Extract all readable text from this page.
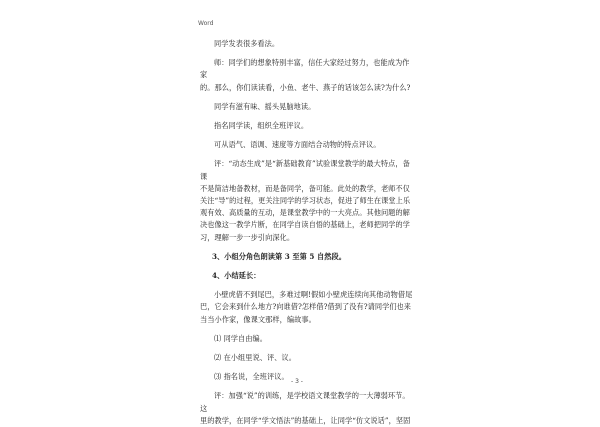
Word

同学发表很多看法。

师：同学们的想象特别丰富，信任大家经过努力，也能成为作家
的。那么，你们读读看，小鱼、老牛、燕子的话该怎么读?为什么?

同学有滋有味、摇头晃脑地读。

指名同学读，组织全班评议。

可从语气、语调、速度等方面结合动物的特点评议。

评：“动态生成”是“新基础教育”试验课堂教学的最大特点，备课
不是简洁地备教材，而是备同学，备可能。此处的教学，老师不仅
关注“导”的过程，更关注同学的学习状态，促进了师生在课堂上乐
观有效、高质量的互动，是课堂教学中的一大亮点。其他问题的解
决也像这一教学片断，在同学自读自悟的基础上，老师把同学的学
习，理解一步一步引向深化。

3、小组分角色朗读第 3 至第 5 自然段。

4、小结延长：

小壁虎借不到尾巴，多难过啊!假如小壁虎连续向其他动物借尾
巴，它会来到什么地方?向谁借?怎样借?借到了没有?请同学们也来
当当小作家，像课文那样，编故事。

⑴ 同学自由编。

⑵ 在小组里说、评、议。

⑶ 指名说，全班评议。

评：加强“说”的训练，是学校语文课堂教学的一大薄弱环节。这
里的教学，在同学“学文悟法”的基础上，让同学“仿文说话”，坚固

- 3 -
